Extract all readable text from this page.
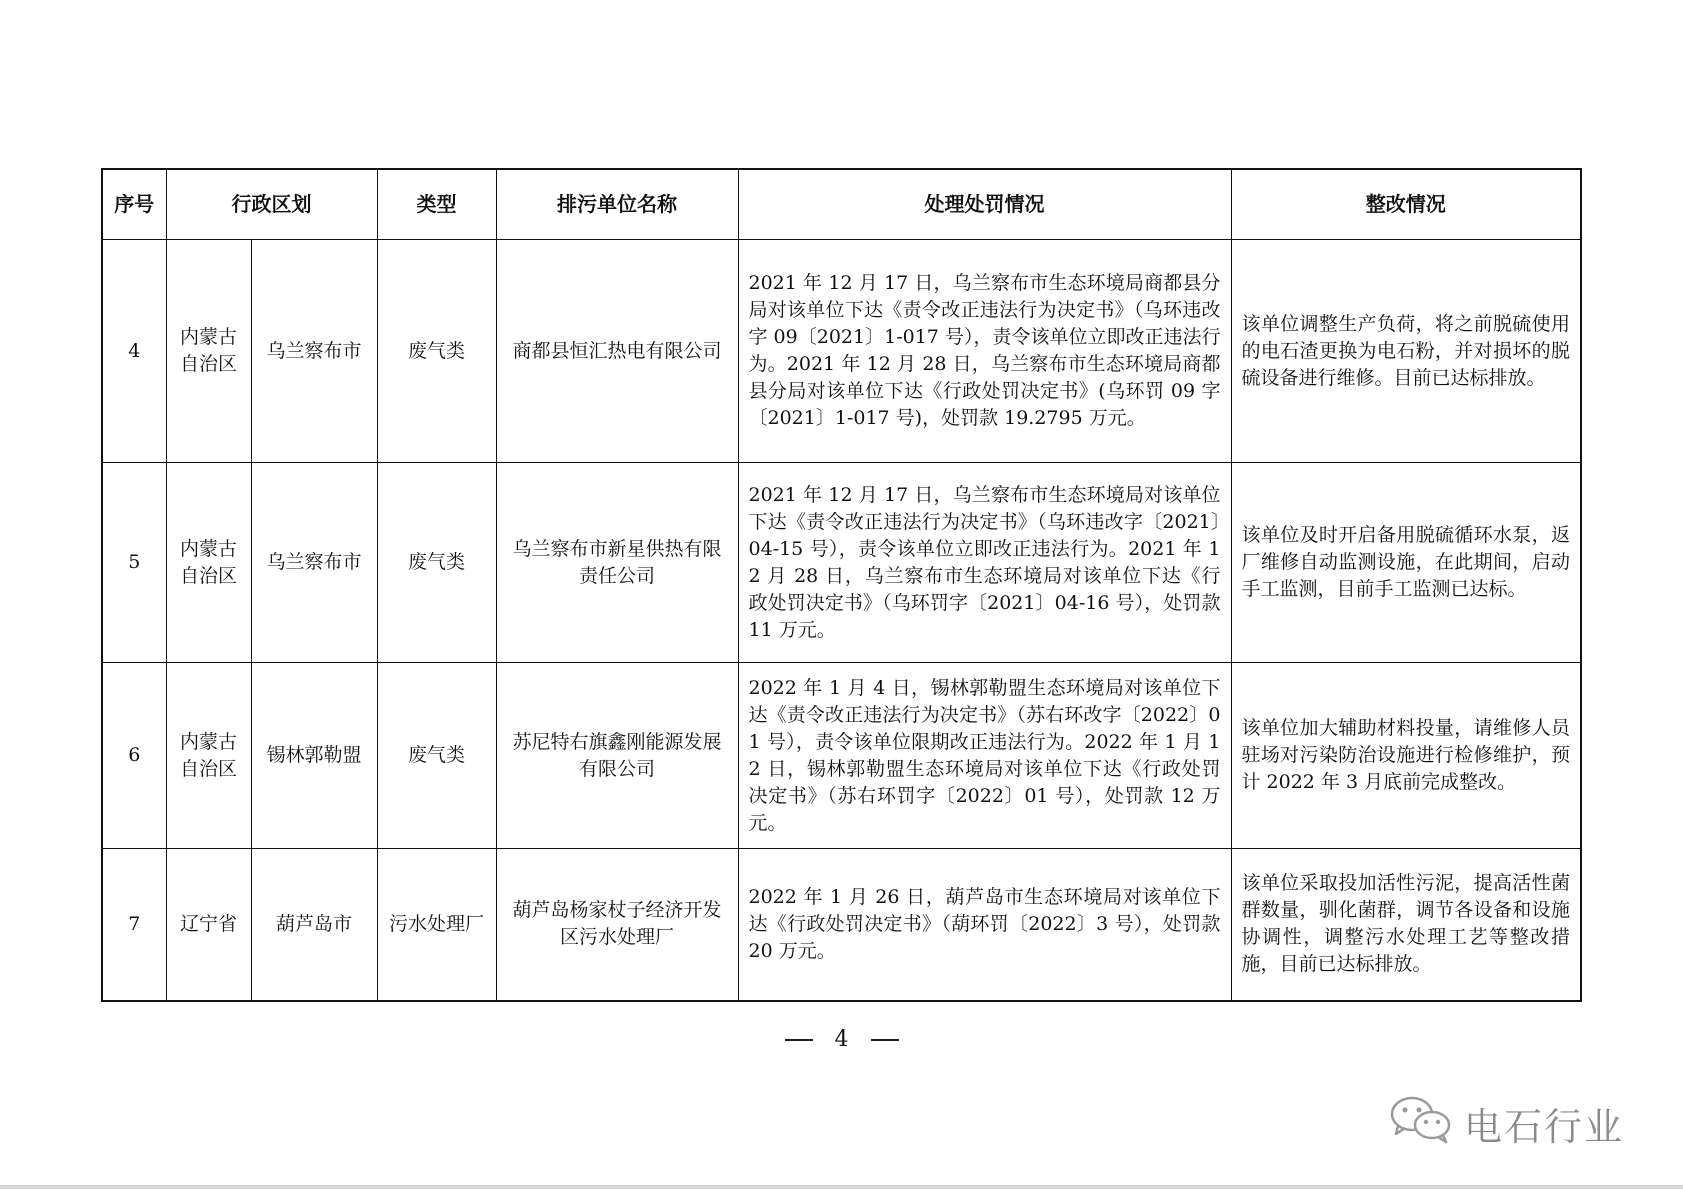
序号	行政区划		类型	排污单位名称	处理处罚情况	整改情况
4	内蒙古自治区	乌兰察布市	废气类	商都县恒汇热电有限公司	2021 年 12 月 17 日，乌兰察布市生态环境局商都县分局对该单位下达《责令改正违法行为决定书》（乌环违改字 09〔2021〕1-017 号），责令该单位立即改正违法行为。2021 年 12 月 28 日，乌兰察布市生态环境局商都县分局对该单位下达《行政处罚决定书》(乌环罚 09 字〔2021〕1-017 号)，处罚款 19.2795 万元。	该单位调整生产负荷，将之前脱硫使用的电石渣更换为电石粉，并对损坏的脱硫设备进行维修。目前已达标排放。
5	内蒙古自治区	乌兰察布市	废气类	乌兰察布市新星供热有限责任公司	2021 年 12 月 17 日，乌兰察布市生态环境局对该单位下达《责令改正违法行为决定书》（乌环违改字〔2021〕04-15 号），责令该单位立即改正违法行为。2021 年 12 月 28 日，乌兰察布市生态环境局对该单位下达《行政处罚决定书》（乌环罚字〔2021〕04-16 号），处罚款 11 万元。	该单位及时开启备用脱硫循环水泵，返厂维修自动监测设施，在此期间，启动手工监测，目前手工监测已达标。
6	内蒙古自治区	锡林郭勒盟	废气类	苏尼特右旗鑫刚能源发展有限公司	2022 年 1 月 4 日，锡林郭勒盟生态环境局对该单位下达《责令改正违法行为决定书》（苏右环改字〔2022〕01 号），责令该单位限期改正违法行为。2022 年 1 月 12 日，锡林郭勒盟生态环境局对该单位下达《行政处罚决定书》（苏右环罚字〔2022〕01 号），处罚款 12 万元。	该单位加大辅助材料投量，请维修人员驻场对污染防治设施进行检修维护，预计 2022 年 3 月底前完成整改。
7	辽宁省	葫芦岛市	污水处理厂	葫芦岛杨家杖子经济开发区污水处理厂	2022 年 1 月 26 日，葫芦岛市生态环境局对该单位下达《行政处罚决定书》（葫环罚〔2022〕3 号），处罚款 20 万元。	该单位采取投加活性污泥，提高活性菌群数量，驯化菌群，调节各设备和设施协调性，调整污水处理工艺等整改措施，目前已达标排放。
4
电石行业
